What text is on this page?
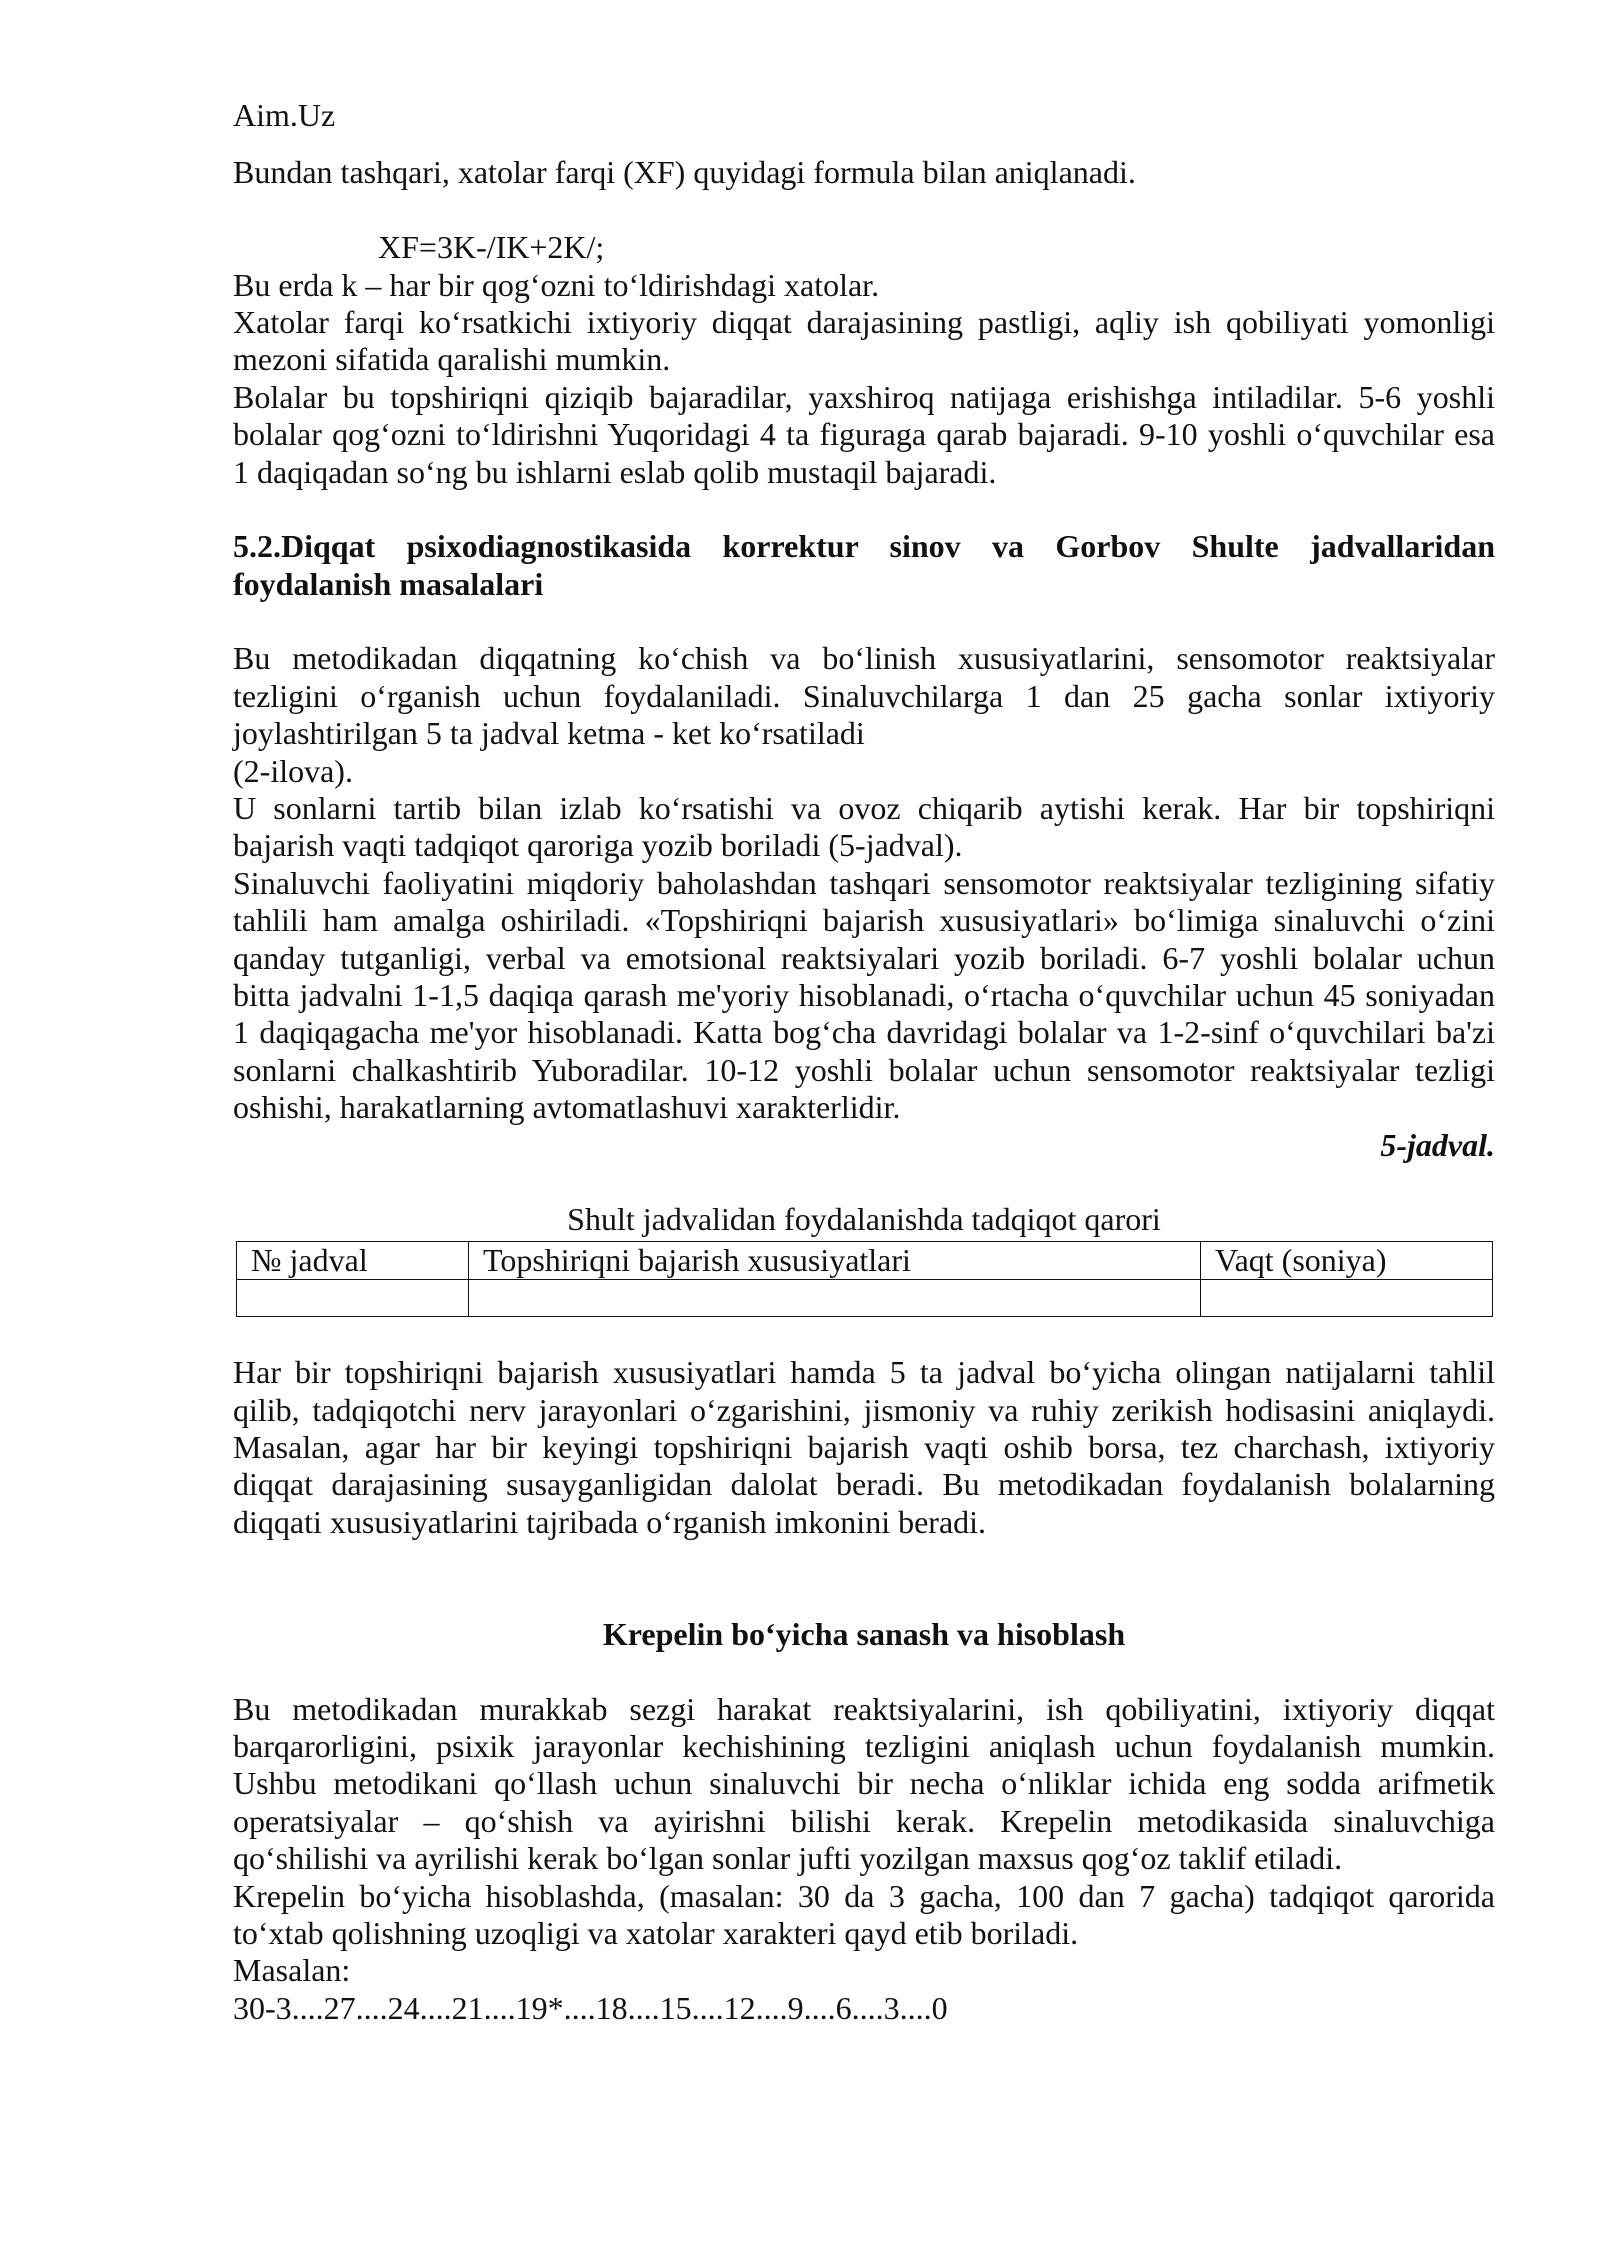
Aim.Uz
Bundan tashqari, xatolar farqi (XF) quyidagi formula bilan aniqlanadi.
XF=3K-/IK+2K/;
Bu erda k – har bir qog‘ozni to‘ldirishdagi xatolar.
Xatolar farqi ko‘rsatkichi ixtiyoriy diqqat darajasining pastligi, aqliy ish qobiliyati yomonligi
mezoni sifatida qaralishi mumkin.
Bolalar bu topshiriqni qiziqib bajaradilar, yaxshiroq natijaga erishishga intiladilar. 5-6 yoshli
bolalar qog‘ozni to‘ldirishni Yuqoridagi 4 ta figuraga qarab bajaradi. 9-10 yoshli o‘quvchilar esa
1 daqiqadan so‘ng bu ishlarni eslab qolib mustaqil bajaradi.
5.2.Diqqat psixodiagnostikasida korrektur sinov va Gorbov Shulte jadvallaridan
foydalanish masalalari
Bu metodikadan diqqatning ko‘chish va bo‘linish xususiyatlarini, sensomotor reaktsiyalar
tezligini o‘rganish uchun foydalaniladi. Sinaluvchilarga 1 dan 25 gacha sonlar ixtiyoriy
joylashtirilgan 5 ta jadval ketma - ket ko‘rsatiladi
(2-ilova).
U sonlarni tartib bilan izlab ko‘rsatishi va ovoz chiqarib aytishi kerak. Har bir topshiriqni
bajarish vaqti tadqiqot qaroriga yozib boriladi (5-jadval).
Sinaluvchi faoliyatini miqdoriy baholashdan tashqari sensomotor reaktsiyalar tezligining sifatiy
tahlili ham amalga oshiriladi. «Topshiriqni bajarish xususiyatlari» bo‘limiga sinaluvchi o‘zini
qanday tutganligi, verbal va emotsional reaktsiyalari yozib boriladi. 6-7 yoshli bolalar uchun
bitta jadvalni 1-1,5 daqiqa qarash me'yoriy hisoblanadi, o‘rtacha o‘quvchilar uchun 45 soniyadan
1 daqiqagacha me'yor hisoblanadi. Katta bog‘cha davridagi bolalar va 1-2-sinf o‘quvchilari ba'zi
sonlarni chalkashtirib Yuboradilar. 10-12 yoshli bolalar uchun sensomotor reaktsiyalar tezligi
oshishi, harakatlarning avtomatlashuvi xarakterlidir.
5-jadval.
Shult jadvalidan foydalanishda tadqiqot qarori
№ jadval	Topshiriqni bajarish xususiyatlari	Vaqt (soniya)

Har bir topshiriqni bajarish xususiyatlari hamda 5 ta jadval bo‘yicha olingan natijalarni tahlil
qilib, tadqiqotchi nerv jarayonlari o‘zgarishini, jismoniy va ruhiy zerikish hodisasini aniqlaydi.
Masalan, agar har bir keyingi topshiriqni bajarish vaqti oshib borsa, tez charchash, ixtiyoriy
diqqat darajasining susayganligidan dalolat beradi. Bu metodikadan foydalanish bolalarning
diqqati xususiyatlarini tajribada o‘rganish imkonini beradi.
Krepelin bo‘yicha sanash va hisoblash
Bu metodikadan murakkab sezgi harakat reaktsiyalarini, ish qobiliyatini, ixtiyoriy diqqat
barqarorligini, psixik jarayonlar kechishining tezligini aniqlash uchun foydalanish mumkin.
Ushbu metodikani qo‘llash uchun sinaluvchi bir necha o‘nliklar ichida eng sodda arifmetik
operatsiyalar – qo‘shish va ayirishni bilishi kerak. Krepelin metodikasida sinaluvchiga
qo‘shilishi va ayrilishi kerak bo‘lgan sonlar jufti yozilgan maxsus qog‘oz taklif etiladi.
Krepelin bo‘yicha hisoblashda, (masalan: 30 da 3 gacha, 100 dan 7 gacha) tadqiqot qarorida
to‘xtab qolishning uzoqligi va xatolar xarakteri qayd etib boriladi.
Masalan:
30-3....27....24....21....19*....18....15....12....9....6....3....0
